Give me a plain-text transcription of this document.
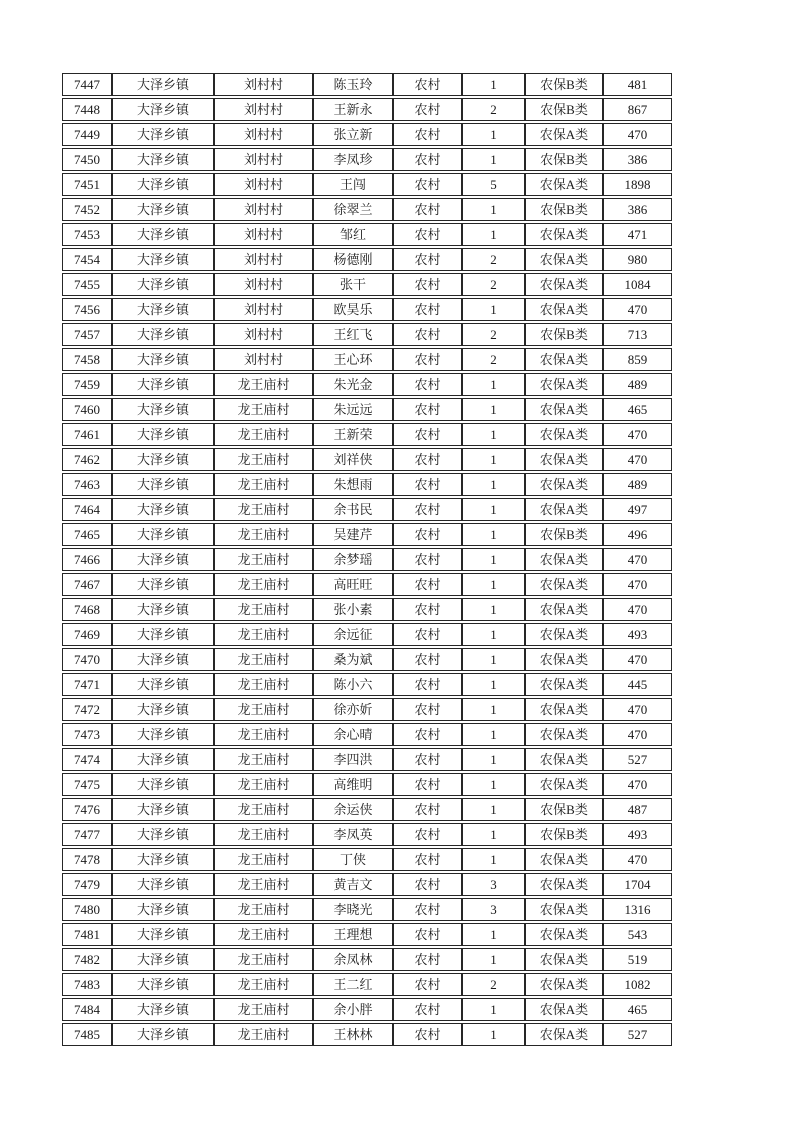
7447	大泽乡镇	刘村村	陈玉玲	农村	1	农保B类	481
7448	大泽乡镇	刘村村	王新永	农村	2	农保B类	867
7449	大泽乡镇	刘村村	张立新	农村	1	农保A类	470
7450	大泽乡镇	刘村村	李凤珍	农村	1	农保B类	386
7451	大泽乡镇	刘村村	王闯	农村	5	农保A类	1898
7452	大泽乡镇	刘村村	徐翠兰	农村	1	农保B类	386
7453	大泽乡镇	刘村村	邹红	农村	1	农保A类	471
7454	大泽乡镇	刘村村	杨德刚	农村	2	农保A类	980
7455	大泽乡镇	刘村村	张干	农村	2	农保A类	1084
7456	大泽乡镇	刘村村	欧昊乐	农村	1	农保A类	470
7457	大泽乡镇	刘村村	王红飞	农村	2	农保B类	713
7458	大泽乡镇	刘村村	王心环	农村	2	农保A类	859
7459	大泽乡镇	龙王庙村	朱光金	农村	1	农保A类	489
7460	大泽乡镇	龙王庙村	朱远远	农村	1	农保A类	465
7461	大泽乡镇	龙王庙村	王新荣	农村	1	农保A类	470
7462	大泽乡镇	龙王庙村	刘祥侠	农村	1	农保A类	470
7463	大泽乡镇	龙王庙村	朱想雨	农村	1	农保A类	489
7464	大泽乡镇	龙王庙村	余书民	农村	1	农保A类	497
7465	大泽乡镇	龙王庙村	吴建芹	农村	1	农保B类	496
7466	大泽乡镇	龙王庙村	余梦瑶	农村	1	农保A类	470
7467	大泽乡镇	龙王庙村	高旺旺	农村	1	农保A类	470
7468	大泽乡镇	龙王庙村	张小素	农村	1	农保A类	470
7469	大泽乡镇	龙王庙村	余远征	农村	1	农保A类	493
7470	大泽乡镇	龙王庙村	桑为斌	农村	1	农保A类	470
7471	大泽乡镇	龙王庙村	陈小六	农村	1	农保A类	445
7472	大泽乡镇	龙王庙村	徐亦妡	农村	1	农保A类	470
7473	大泽乡镇	龙王庙村	余心晴	农村	1	农保A类	470
7474	大泽乡镇	龙王庙村	李四洪	农村	1	农保A类	527
7475	大泽乡镇	龙王庙村	高维明	农村	1	农保A类	470
7476	大泽乡镇	龙王庙村	余运侠	农村	1	农保B类	487
7477	大泽乡镇	龙王庙村	李凤英	农村	1	农保B类	493
7478	大泽乡镇	龙王庙村	丁侠	农村	1	农保A类	470
7479	大泽乡镇	龙王庙村	黄吉文	农村	3	农保A类	1704
7480	大泽乡镇	龙王庙村	李晓光	农村	3	农保A类	1316
7481	大泽乡镇	龙王庙村	王理想	农村	1	农保A类	543
7482	大泽乡镇	龙王庙村	余凤林	农村	1	农保A类	519
7483	大泽乡镇	龙王庙村	王二红	农村	2	农保A类	1082
7484	大泽乡镇	龙王庙村	余小胖	农村	1	农保A类	465
7485	大泽乡镇	龙王庙村	王林林	农村	1	农保A类	527
